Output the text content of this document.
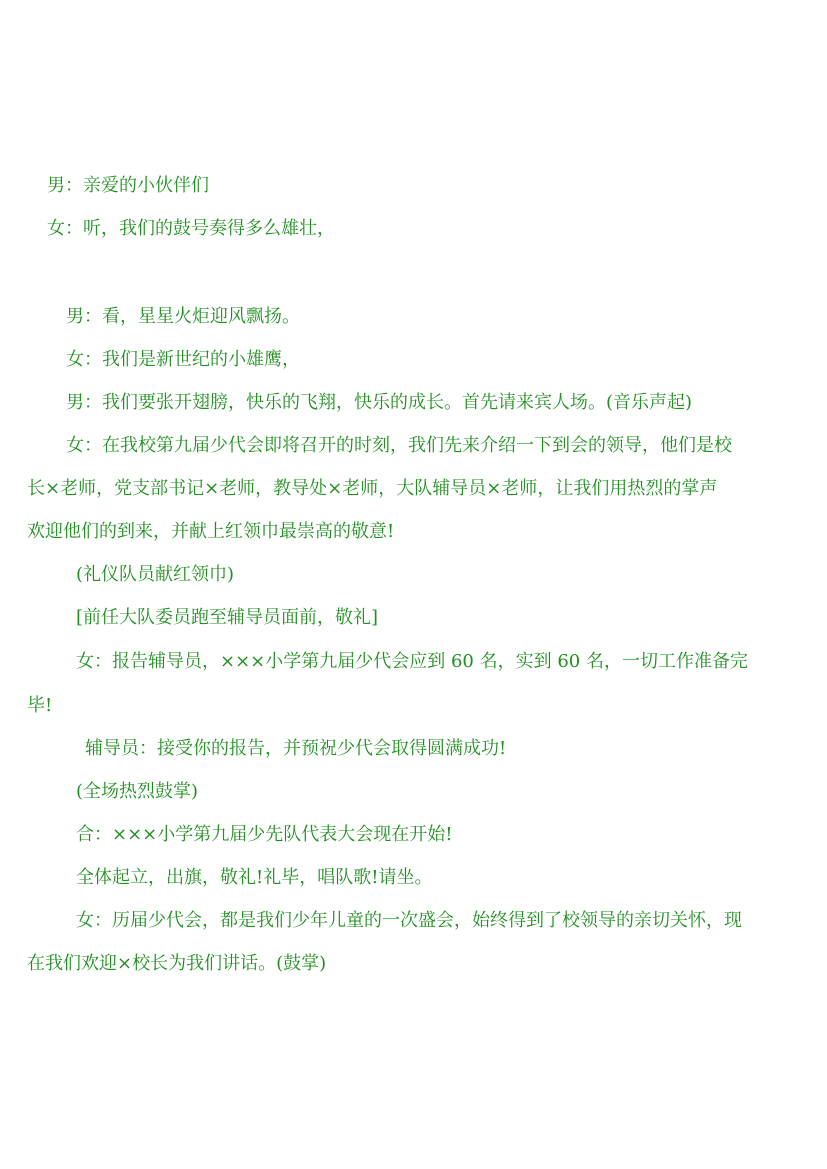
男：亲爱的小伙伴们
女：听，我们的鼓号奏得多么雄壮，
男：看，星星火炬迎风飘扬。
女：我们是新世纪的小雄鹰，
男：我们要张开翅膀，快乐的飞翔，快乐的成长。首先请来宾人场。(音乐声起)
女：在我校第九届少代会即将召开的时刻，我们先来介绍一下到会的领导，他们是校
长×老师，党支部书记×老师，教导处×老师，大队辅导员×老师，让我们用热烈的掌声
欢迎他们的到来，并献上红领巾最崇高的敬意!
(礼仪队员献红领巾)
[前任大队委员跑至辅导员面前，敬礼]
女：报告辅导员，×××小学第九届少代会应到 60 名，实到 60 名，一切工作准备完
毕!
辅导员：接受你的报告，并预祝少代会取得圆满成功!
(全场热烈鼓掌)
合：×××小学第九届少先队代表大会现在开始!
全体起立，出旗，敬礼!礼毕，唱队歌!请坐。
女：历届少代会，都是我们少年儿童的一次盛会，始终得到了校领导的亲切关怀，现
在我们欢迎×校长为我们讲话。(鼓掌)
